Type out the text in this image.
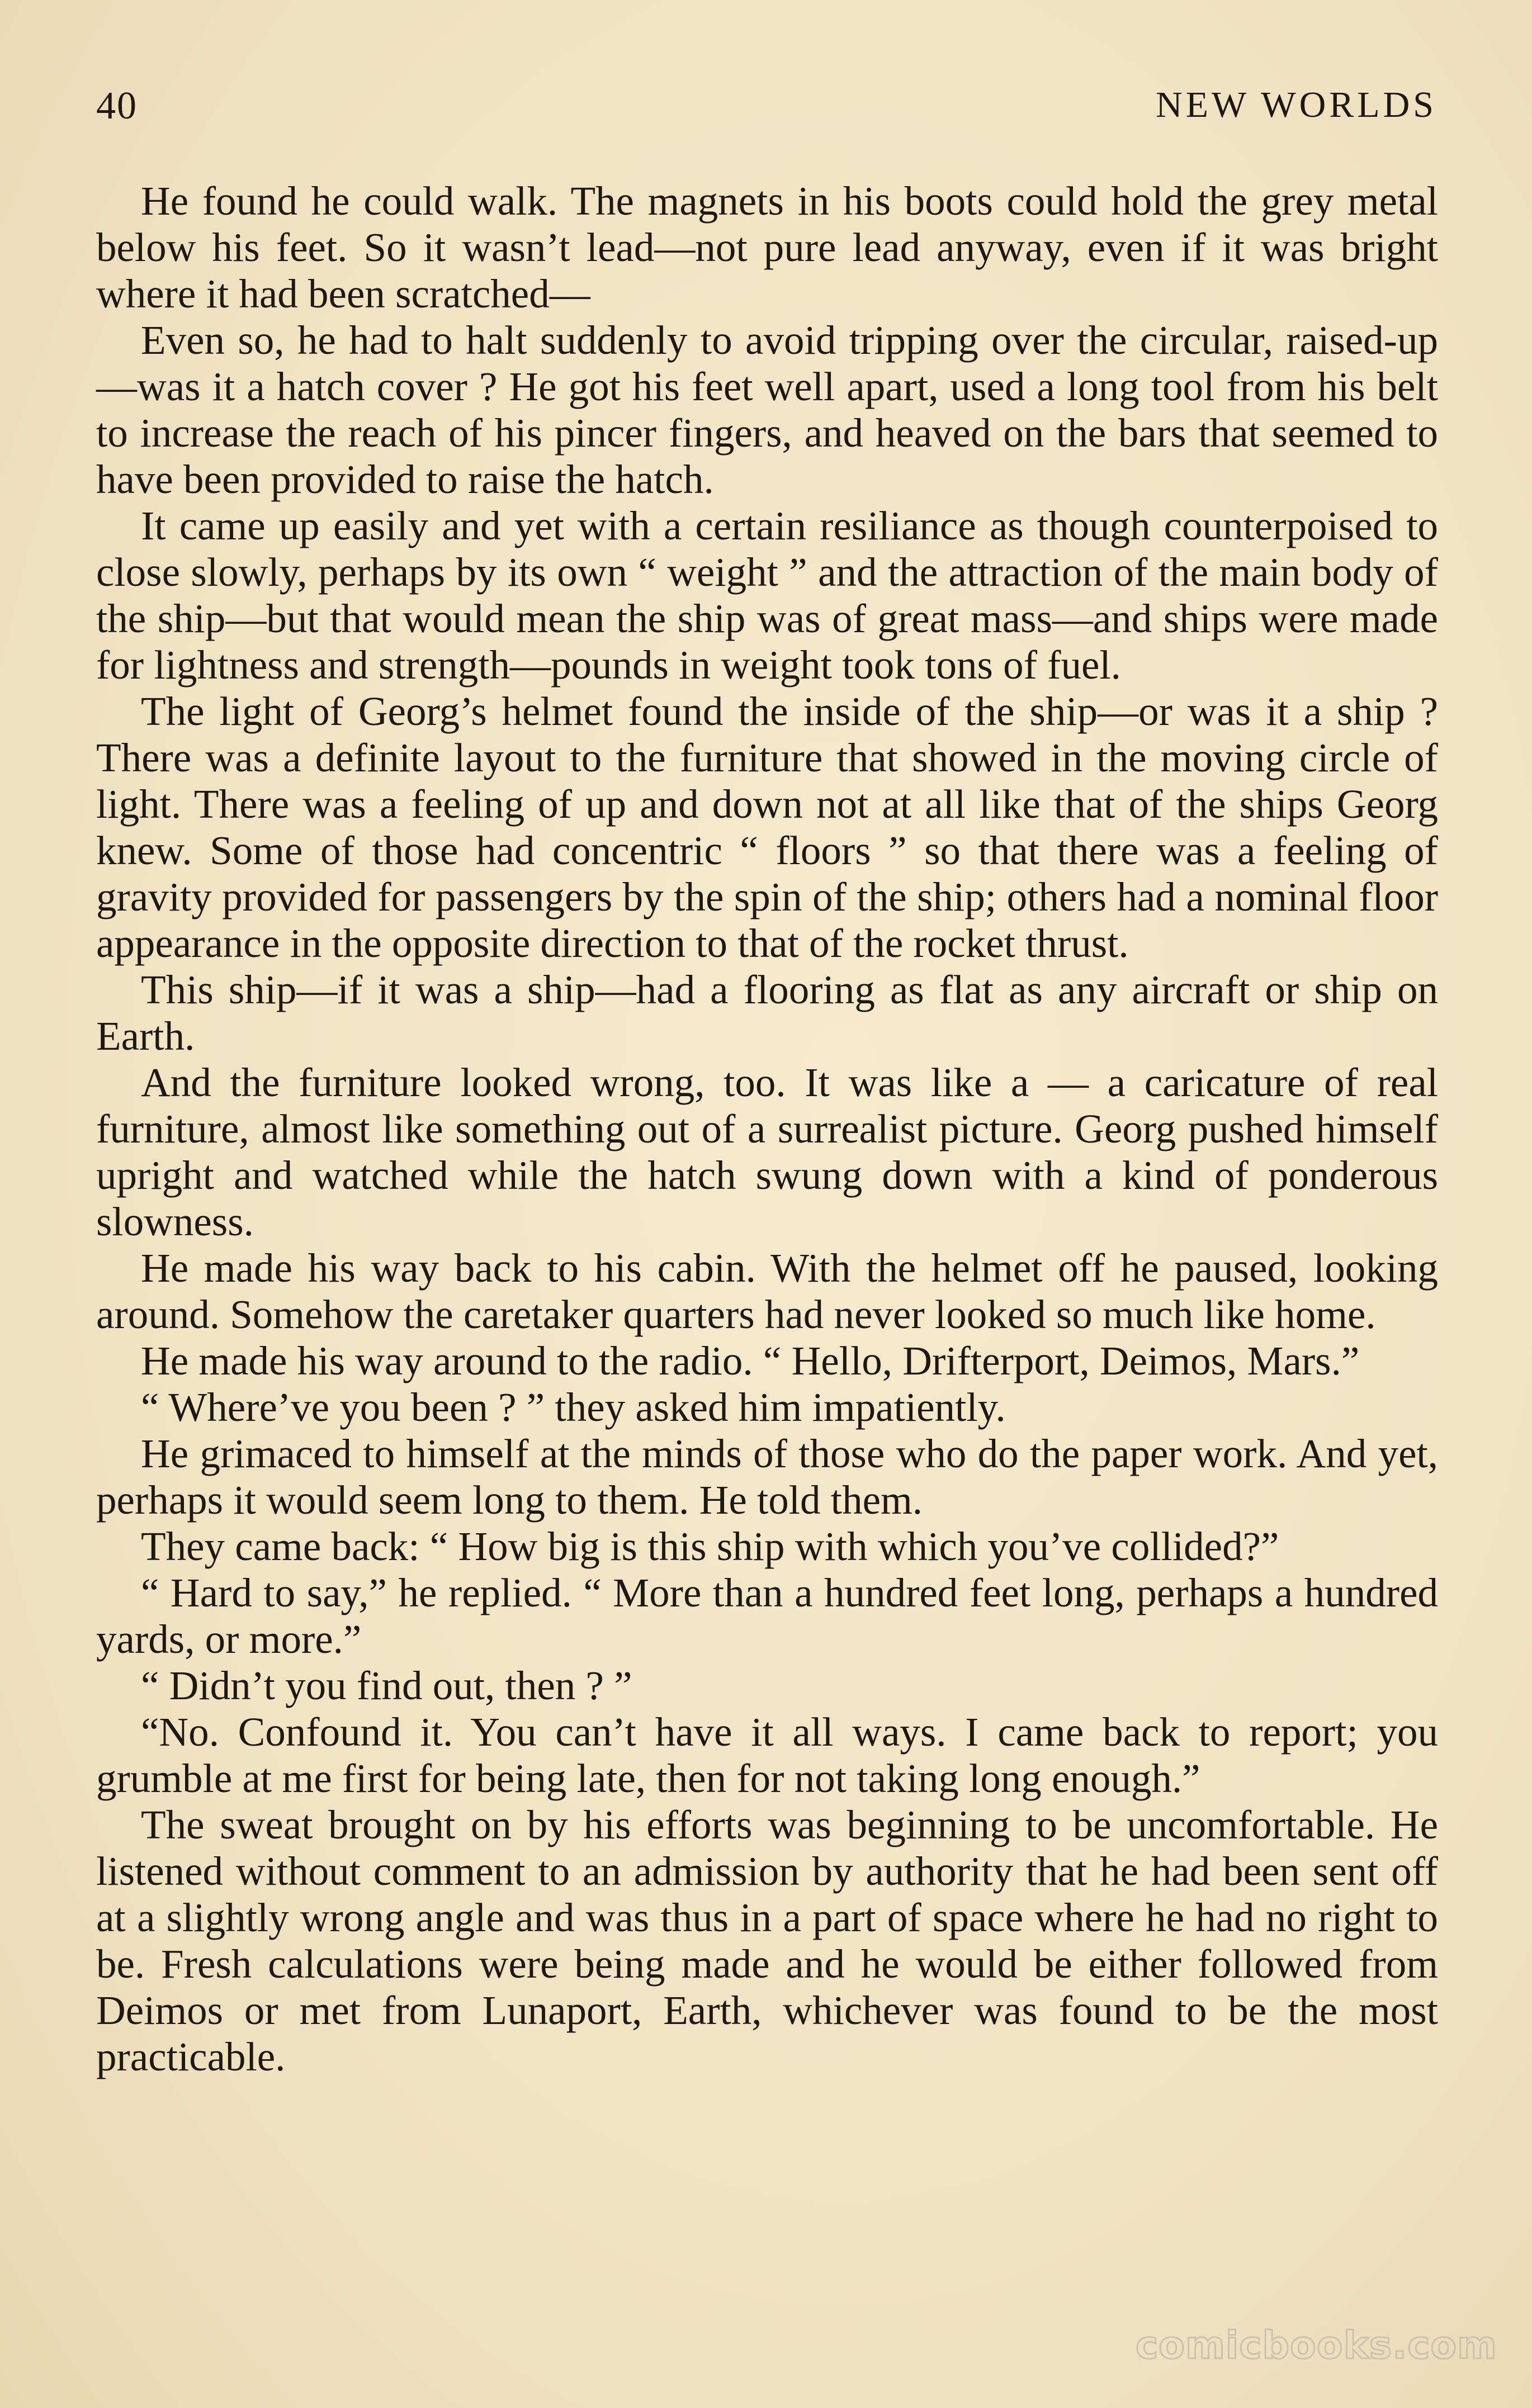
40	NEW WORLDS

He found he could walk. The magnets in his boots could hold the grey metal below his feet. So it wasn’t lead—not pure lead anyway, even if it was bright where it had been scratched—

Even so, he had to halt suddenly to avoid tripping over the circular, raised-up—was it a hatch cover ? He got his feet well apart, used a long tool from his belt to increase the reach of his pincer fingers, and heaved on the bars that seemed to have been provided to raise the hatch.

It came up easily and yet with a certain resiliance as though counterpoised to close slowly, perhaps by its own “ weight ” and the attraction of the main body of the ship—but that would mean the ship was of great mass—and ships were made for lightness and strength—pounds in weight took tons of fuel.

The light of Georg’s helmet found the inside of the ship—or was it a ship ? There was a definite layout to the furniture that showed in the moving circle of light. There was a feeling of up and down not at all like that of the ships Georg knew. Some of those had concentric “ floors ” so that there was a feeling of gravity provided for passengers by the spin of the ship; others had a nominal floor appearance in the opposite direction to that of the rocket thrust.

This ship—if it was a ship—had a flooring as flat as any aircraft or ship on Earth.

And the furniture looked wrong, too. It was like a — a caricature of real furniture, almost like something out of a surrealist picture. Georg pushed himself upright and watched while the hatch swung down with a kind of ponderous slowness.

He made his way back to his cabin. With the helmet off he paused, looking around. Somehow the caretaker quarters had never looked so much like home.

He made his way around to the radio. “ Hello, Drifterport, Deimos, Mars.”

“ Where’ve you been ? ” they asked him impatiently.

He grimaced to himself at the minds of those who do the paper work. And yet, perhaps it would seem long to them. He told them.

They came back: “ How big is this ship with which you’ve collided?”

“ Hard to say,” he replied. “ More than a hundred feet long, perhaps a hundred yards, or more.”

“ Didn’t you find out, then ? ”

“No. Confound it. You can’t have it all ways. I came back to report; you grumble at me first for being late, then for not taking long enough.”

The sweat brought on by his efforts was beginning to be uncomfortable. He listened without comment to an admission by authority that he had been sent off at a slightly wrong angle and was thus in a part of space where he had no right to be. Fresh calculations were being made and he would be either followed from Deimos or met from Lunaport, Earth, whichever was found to be the most practicable.

comicbooks.com
